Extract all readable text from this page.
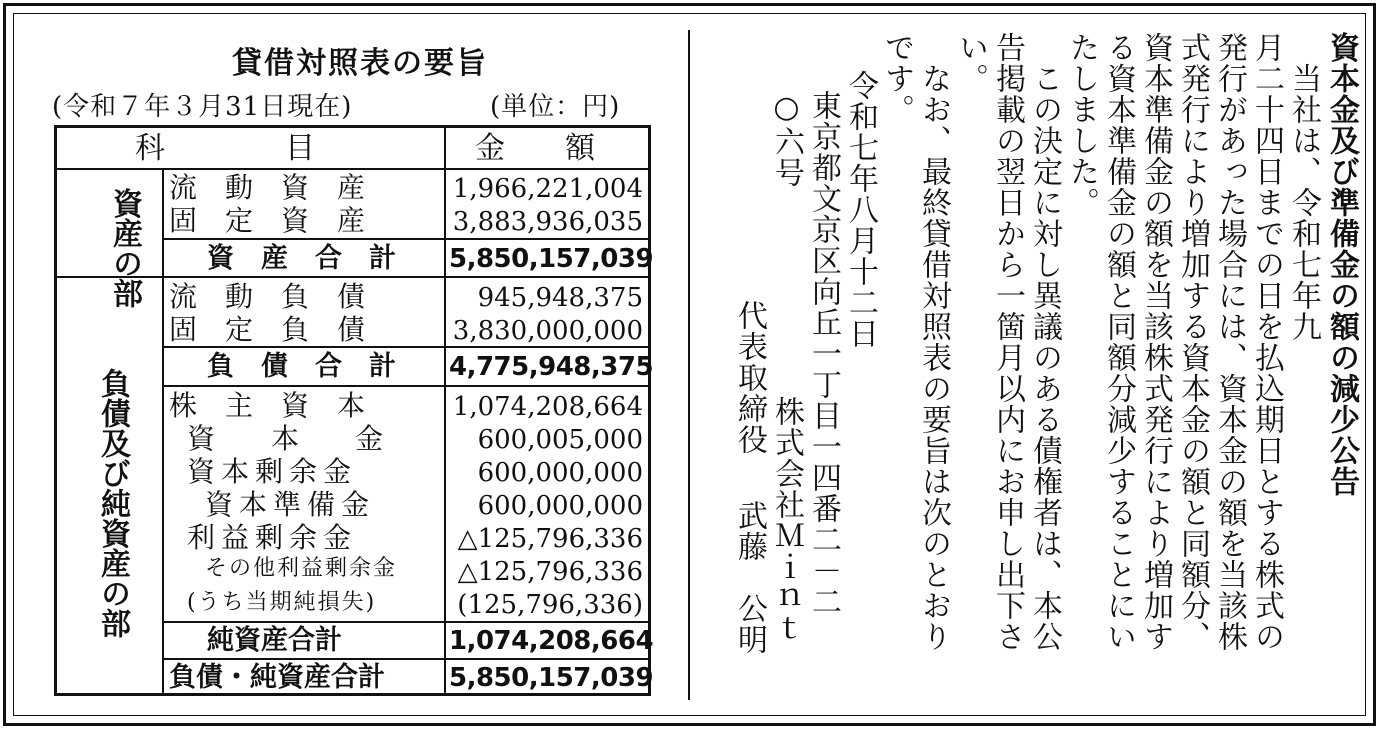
貸借対照表の要旨
(令和７年３月31日現在)	(単位：円)
科　　　　目	金　　額
資産の部
負債及び純資産の部
流　動　資　産	1,966,221,004
固　定　資　産	3,883,936,035
資　産　合　計 5,850,157,039
流　動　負　債	945,948,375
固　定　負　債	3,830,000,000
負　債　合　計 4,775,948,375
株　主　資　本	1,074,208,664
資　　本　　金	600,005,000
資本剰余金	600,000,000
資本準備金	600,000,000
利益剰余金	△125,796,336
その他利益剰余金	△125,796,336
(うち当期純損失)	(125,796,336)
純資産合計	1,074,208,664
負債・純資産合計 5,850,157,039
資本金及び準備金の額の減少公告
　当社は、令和七年九
月二十四日までの日を払込期日とする株式の
発行があった場合には、資本金の額を当該株
式発行により増加する資本金の額と同額分、
資本準備金の額を当該株式発行により増加す
る資本準備金の額と同額分減少することにい
たしました。
　この決定に対し異議のある債権者は、本公
告掲載の翌日から一箇月以内にお申し出下さ
い。
　なお、最終貸借対照表の要旨は次のとおり
です。
令和七年八月十二日
東京都文京区向丘一丁目一四番二－二
○六号
株式会社Ｍｉｎｔ
代表取締役
武藤　公明
